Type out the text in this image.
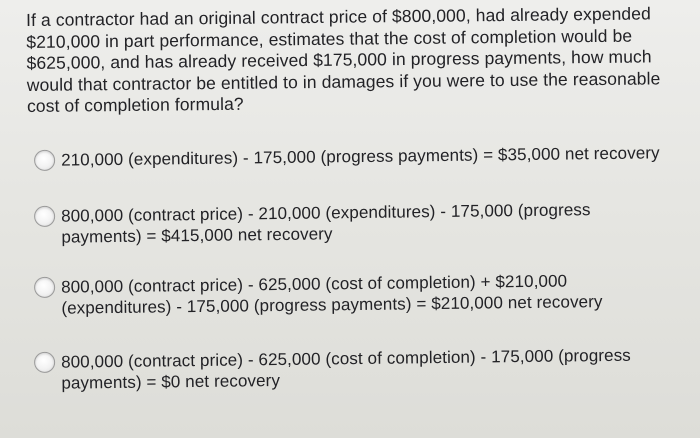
If a contractor had an original contract price of $800,000, had already expended $210,000 in part performance, estimates that the cost of completion would be $625,000, and has already received $175,000 in progress payments, how much would that contractor be entitled to in damages if you were to use the reasonable cost of completion formula?

210,000 (expenditures) - 175,000 (progress payments) = $35,000 net recovery
800,000 (contract price) - 210,000 (expenditures) - 175,000 (progress payments) = $415,000 net recovery
800,000 (contract price) - 625,000 (cost of completion) + $210,000 (expenditures) - 175,000 (progress payments) = $210,000 net recovery
800,000 (contract price) - 625,000 (cost of completion) - 175,000 (progress payments) = $0 net recovery
